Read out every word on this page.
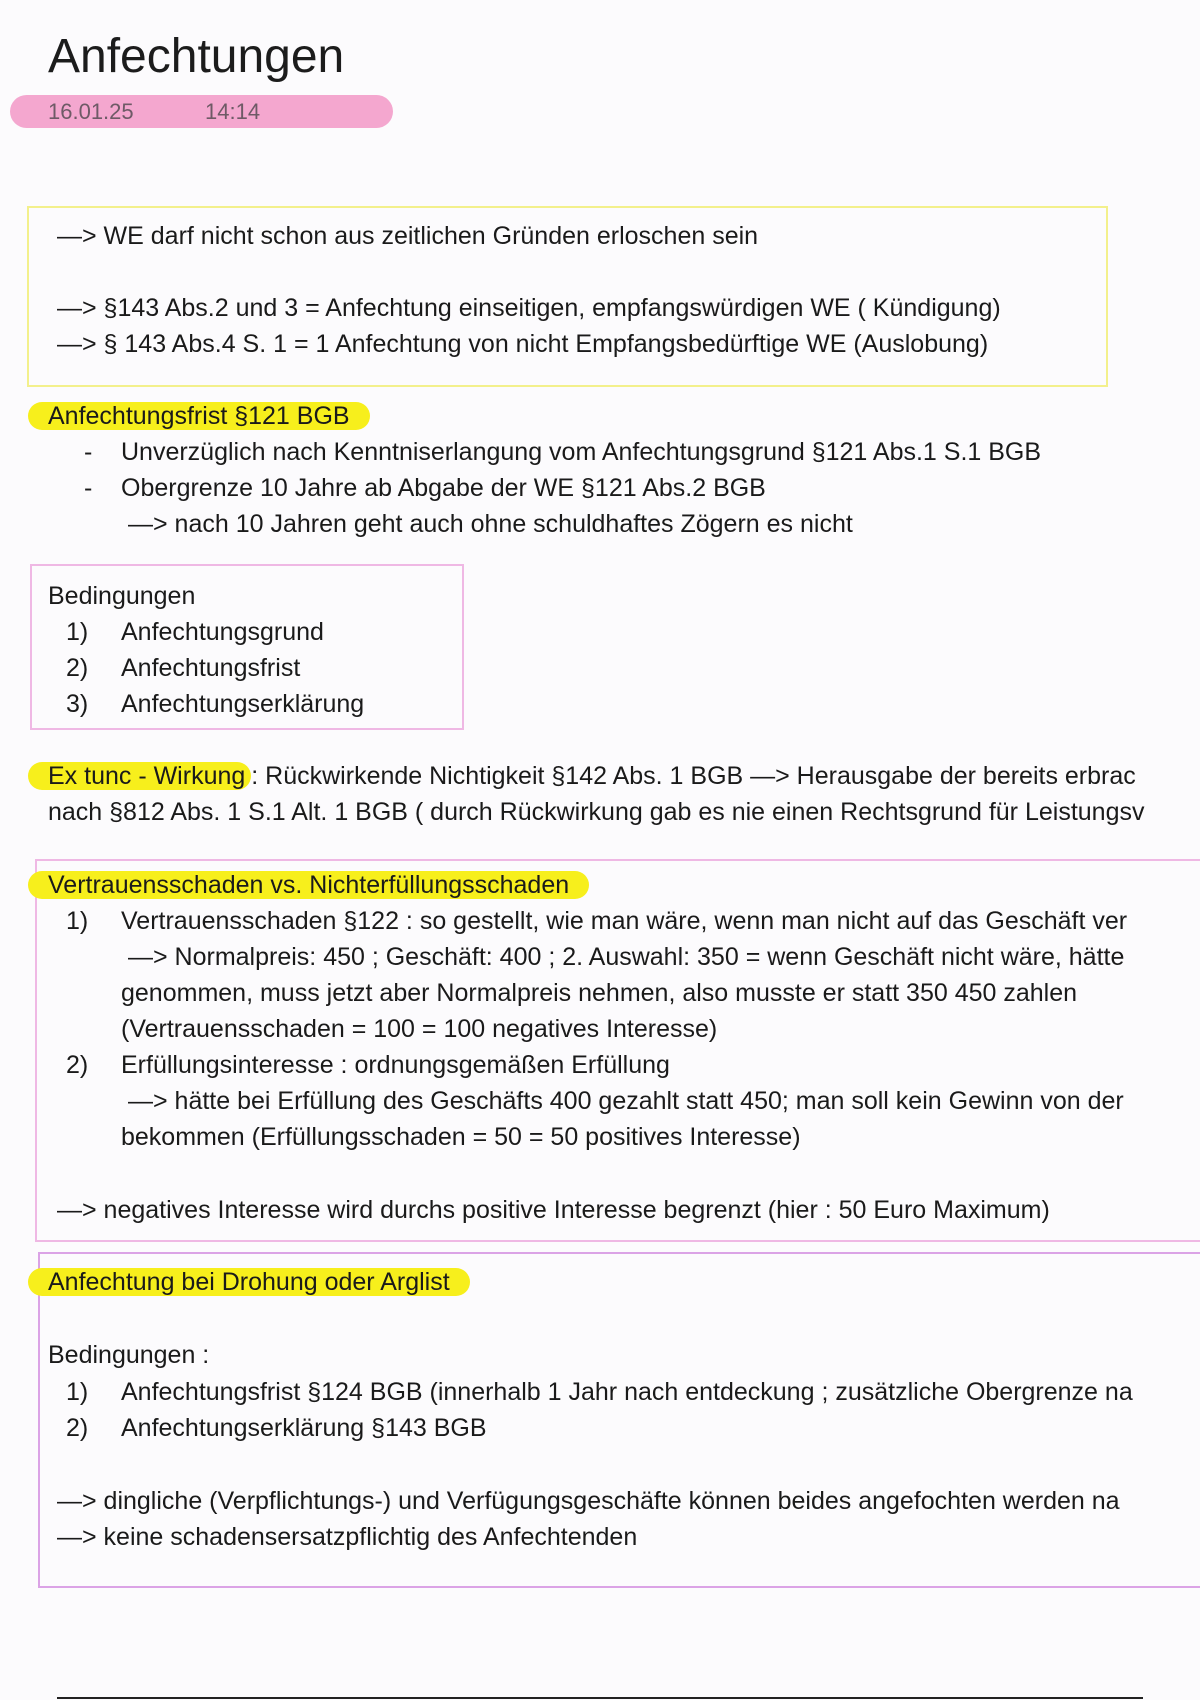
Anfechtungen
16.01.25	14:14
—> WE darf nicht schon aus zeitlichen Gründen erloschen sein
—> §143 Abs.2 und 3 = Anfechtung einseitigen, empfangswürdigen WE ( Kündigung)
—> § 143 Abs.4 S. 1 = 1 Anfechtung von nicht Empfangsbedürftige WE (Auslobung)
Anfechtungsfrist §121 BGB
- Unverzüglich nach Kenntniserlangung vom Anfechtungsgrund §121 Abs.1 S.1 BGB
- Obergrenze 10 Jahre ab Abgabe der WE §121 Abs.2 BGB
—> nach 10 Jahren geht auch ohne schuldhaftes Zögern es nicht
Bedingungen
1) Anfechtungsgrund
2) Anfechtungsfrist
3) Anfechtungserklärung
Ex tunc - Wirkung : Rückwirkende Nichtigkeit §142 Abs. 1 BGB —> Herausgabe der bereits erbrac
nach §812 Abs. 1 S.1 Alt. 1 BGB ( durch Rückwirkung gab es nie einen Rechtsgrund für Leistungsv
Vertrauensschaden vs. Nichterfüllungsschaden
1) Vertrauensschaden §122 : so gestellt, wie man wäre, wenn man nicht auf das Geschäft ver
—> Normalpreis: 450 ; Geschäft: 400 ; 2. Auswahl: 350 = wenn Geschäft nicht wäre, hätte
genommen, muss jetzt aber Normalpreis nehmen, also musste er statt 350 450 zahlen
(Vertrauensschaden = 100 = 100 negatives Interesse)
2) Erfüllungsinteresse : ordnungsgemäßen Erfüllung
—> hätte bei Erfüllung des Geschäfts 400 gezahlt statt 450; man soll kein Gewinn von der
bekommen (Erfüllungsschaden = 50 = 50 positives Interesse)
—> negatives Interesse wird durchs positive Interesse begrenzt (hier : 50 Euro Maximum)
Anfechtung bei Drohung oder Arglist
Bedingungen :
1) Anfechtungsfrist §124 BGB (innerhalb 1 Jahr nach entdeckung ; zusätzliche Obergrenze na
2) Anfechtungserklärung §143 BGB
—> dingliche (Verpflichtungs-) und Verfügungsgeschäfte können beides angefochten werden na
—> keine schadensersatzpflichtig des Anfechtenden
